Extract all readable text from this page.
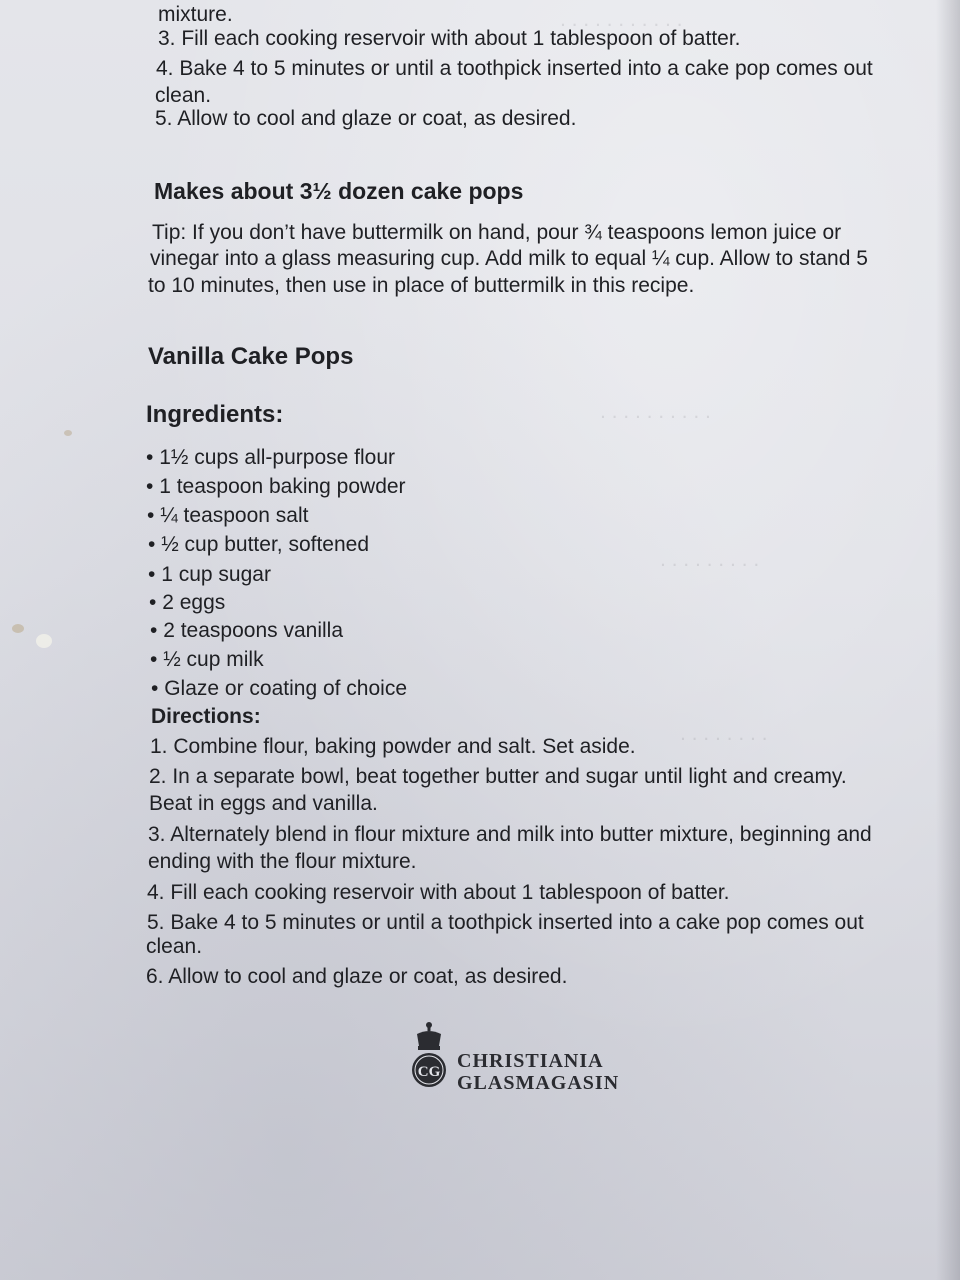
. . . . . . . . . . .
. . . . . . . . . .
. . . . . . . . .
. . . . . . . .
mixture.
3. Fill each cooking reservoir with about 1 tablespoon of batter.
4. Bake 4 to 5 minutes or until a toothpick inserted into a cake pop comes out
clean.
5. Allow to cool and glaze or coat, as desired.
Makes about 3½ dozen cake pops
Tip: If you don’t have buttermilk on hand, pour ¾ teaspoons lemon juice or
vinegar into a glass measuring cup. Add milk to equal ¼ cup. Allow to stand 5
to 10 minutes, then use in place of buttermilk in this recipe.
Vanilla Cake Pops
Ingredients:
• 1½ cups all-purpose flour
• 1 teaspoon baking powder
• ¼ teaspoon salt
• ½ cup butter, softened
• 1 cup sugar
• 2 eggs
• 2 teaspoons vanilla
• ½ cup milk
• Glaze or coating of choice
Directions:
1. Combine flour, baking powder and salt. Set aside.
2. In a separate bowl, beat together butter and sugar until light and creamy.
Beat in eggs and vanilla.
3. Alternately blend in flour mixture and milk into butter mixture, beginning and
ending with the flour mixture.
4. Fill each cooking reservoir with about 1 tablespoon of batter.
5. Bake 4 to 5 minutes or until a toothpick inserted into a cake pop comes out
clean.
6. Allow to cool and glaze or coat, as desired.
CG CHRISTIANIA
GLASMAGASIN
